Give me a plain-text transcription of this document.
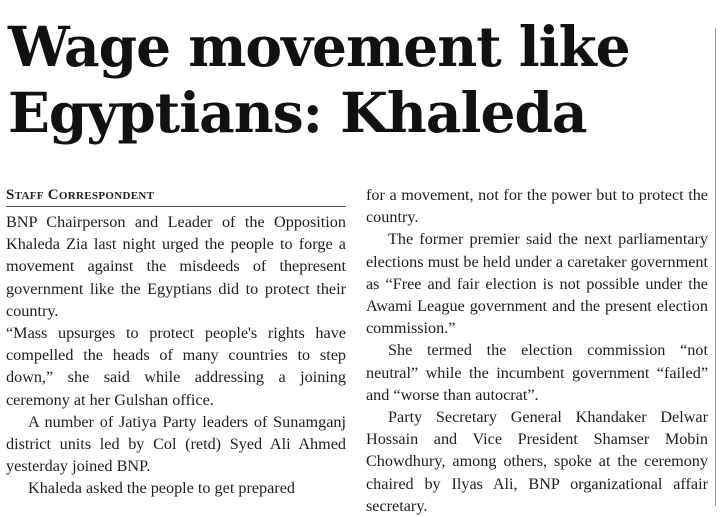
Wage movement like Egyptians: Khaleda
Staff Correspondent

BNP Chairperson and Leader of the Opposition Khaleda Zia last night urged the people to forge a movement against the misdeeds of thepresent government like the Egyptians did to protect their country.

“Mass upsurges to protect people's rights have compelled the heads of many countries to step down,” she said while addressing a joining ceremony at her Gulshan office.

A number of Jatiya Party leaders of Sunamganj district units led by Col (retd) Syed Ali Ahmed yesterday joined BNP.

Khaleda asked the people to get prepared

for a movement, not for the power but to protect the country.

The former premier said the next parliamentary elections must be held under a caretaker government as “Free and fair election is not possible under the Awami League government and the present election commission.”

She termed the election commission “not neutral” while the incumbent government “failed” and “worse than autocrat”.

Party Secretary General Khandaker Delwar Hossain and Vice President Shamser Mobin Chowdhury, among others, spoke at the ceremony chaired by Ilyas Ali, BNP organizational affair secretary.
